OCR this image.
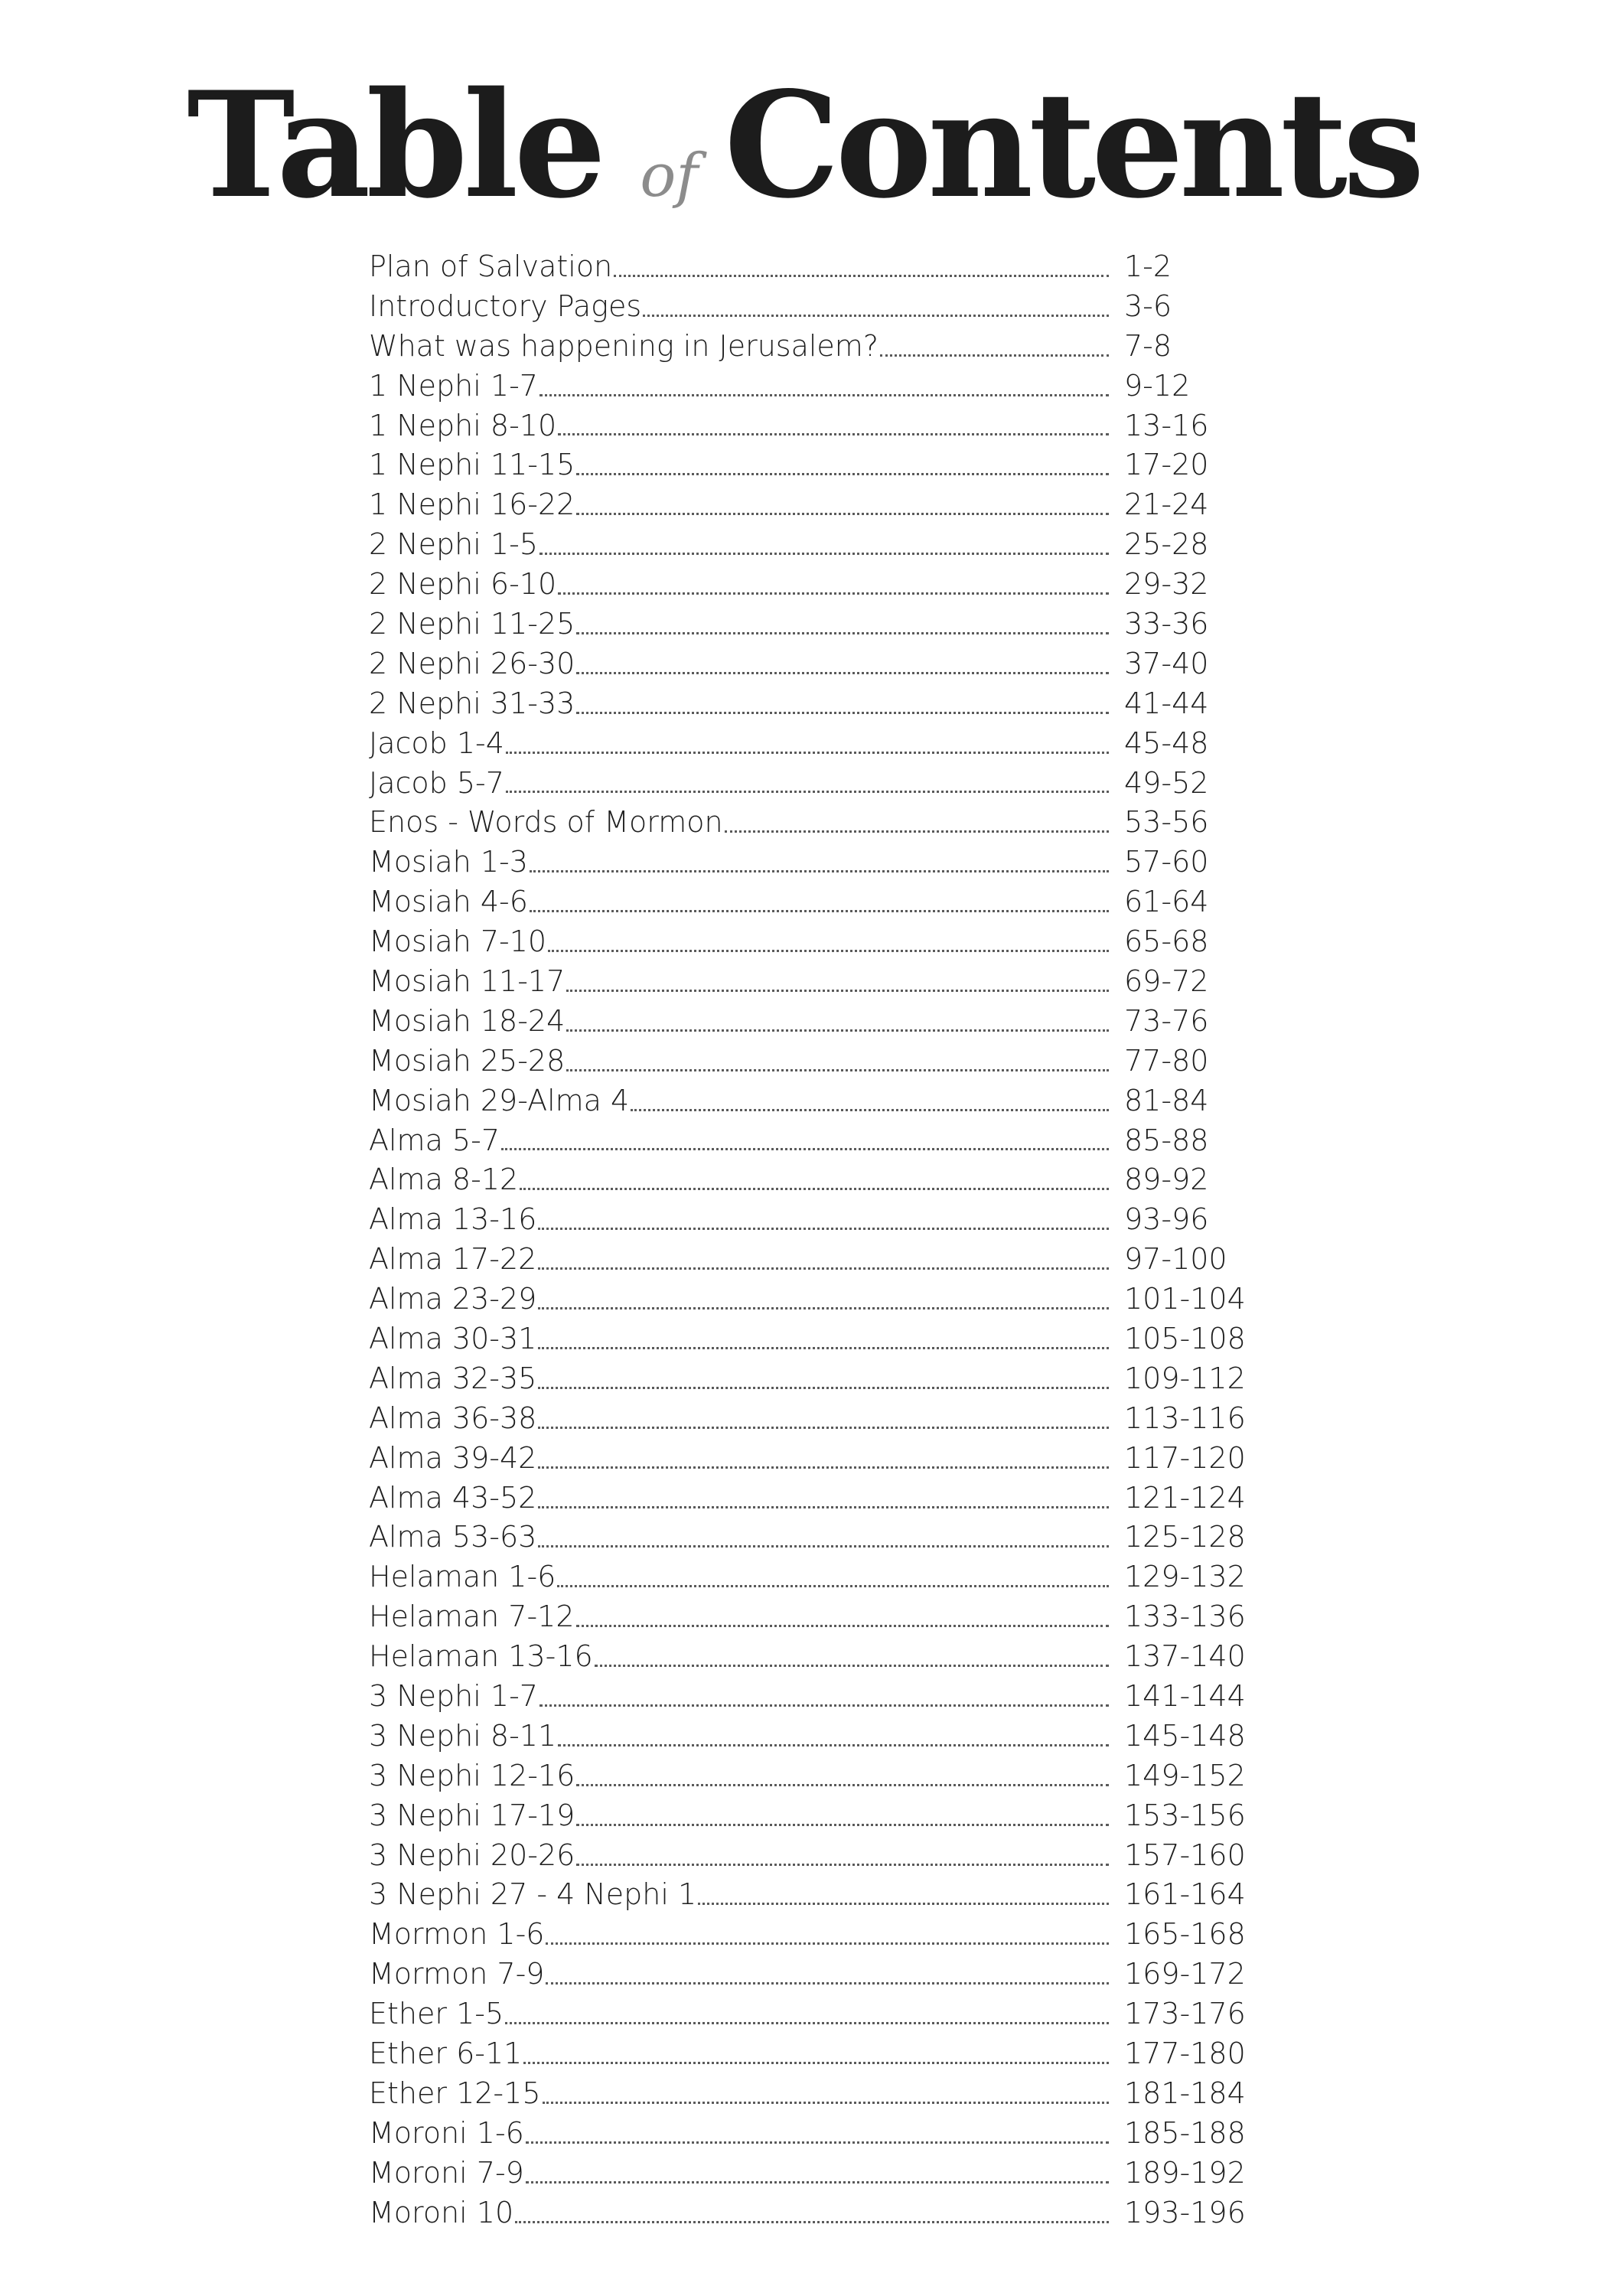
Table of Contents
Plan of Salvation	1-2
Introductory Pages	3-6
What was happening in Jerusalem?	7-8
1 Nephi 1-7	9-12
1 Nephi 8-10	13-16
1 Nephi 11-15	17-20
1 Nephi 16-22	21-24
2 Nephi 1-5	25-28
2 Nephi 6-10	29-32
2 Nephi 11-25	33-36
2 Nephi 26-30	37-40
2 Nephi 31-33	41-44
Jacob 1-4	45-48
Jacob 5-7	49-52
Enos - Words of Mormon	53-56
Mosiah 1-3	57-60
Mosiah 4-6	61-64
Mosiah 7-10	65-68
Mosiah 11-17	69-72
Mosiah 18-24	73-76
Mosiah 25-28	77-80
Mosiah 29-Alma 4	81-84
Alma 5-7	85-88
Alma 8-12	89-92
Alma 13-16	93-96
Alma 17-22	97-100
Alma 23-29	101-104
Alma 30-31	105-108
Alma 32-35	109-112
Alma 36-38	113-116
Alma 39-42	117-120
Alma 43-52	121-124
Alma 53-63	125-128
Helaman 1-6	129-132
Helaman 7-12	133-136
Helaman 13-16	137-140
3 Nephi 1-7	141-144
3 Nephi 8-11	145-148
3 Nephi 12-16	149-152
3 Nephi 17-19	153-156
3 Nephi 20-26	157-160
3 Nephi 27 - 4 Nephi 1	161-164
Mormon 1-6	165-168
Mormon 7-9	169-172
Ether 1-5	173-176
Ether 6-11	177-180
Ether 12-15	181-184
Moroni 1-6	185-188
Moroni 7-9	189-192
Moroni 10	193-196
